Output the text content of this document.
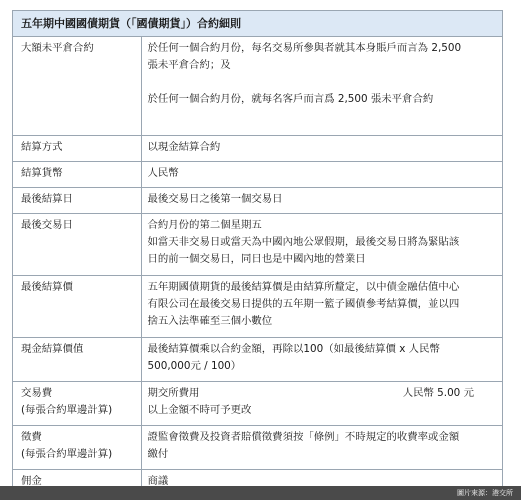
五年期中國國債期貨（「國債期貨」）合約細則
大額未平倉合約	於任何一個合約月份，每名交易所參與者就其本身賬戶而言為 2,500
張未平倉合約；及
於任何一個合約月份，就每名客戶而言爲 2,500 張未平倉合約

結算方式	以現金結算合約
結算貨幣	人民幣
最後結算日	最後交易日之後第一個交易日
最後交易日	合約月份的第二個星期五
如當天非交易日或當天為中國內地公眾假期，最後交易日將為緊貼該
日的前一個交易日，同日也是中國內地的營業日

最後結算價	五年期國債期貨的最後結算價是由結算所釐定，以中債金融估值中心
有限公司在最後交易日提供的五年期一籃子國債參考結算價，並以四
捨五入法準確至三個小數位

現金結算價值	最後結算價乘以合約金額，再除以100（如最後結算價 x 人民幣
500,000元 / 100）

交易費
(每張合約單邊計算)	期交所費用 人民幣 5.00 元
以上金額不時可予更改

徵費
(每張合約單邊計算)	證監會徵費及投資者賠償徵費須按「條例」不時規定的收費率或金額
繳付

佣金	商議
圖片來源：港交所
